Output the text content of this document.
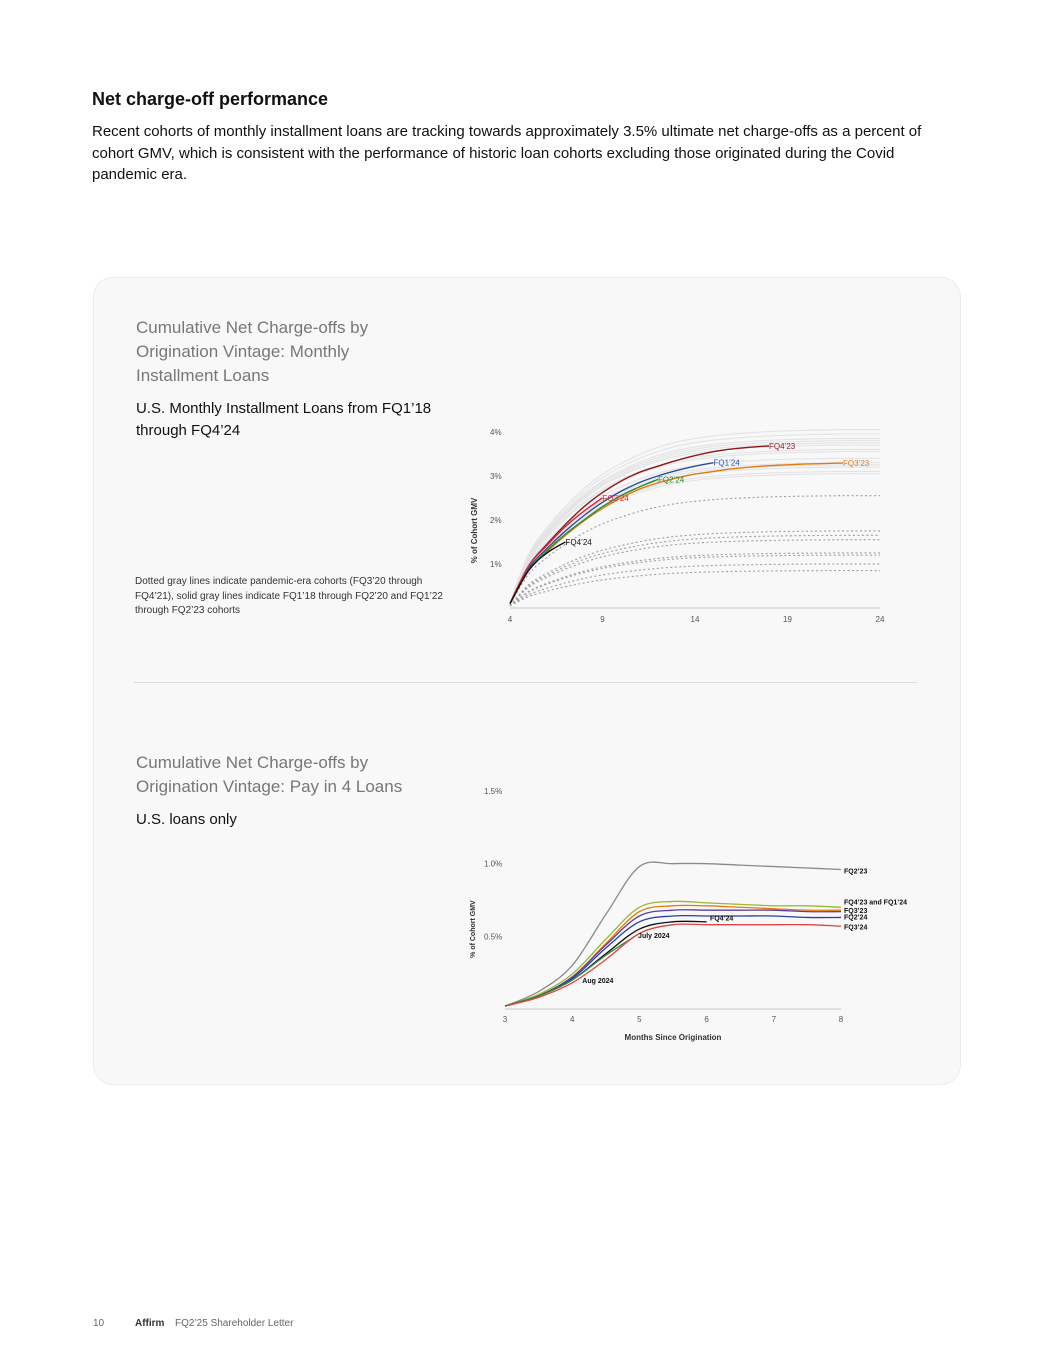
Net charge-off performance

Recent cohorts of monthly installment loans are tracking towards approximately 3.5% ultimate net charge-offs as a percent of cohort GMV, which is consistent with the performance of historic loan cohorts excluding those originated during the Covid pandemic era.

Cumulative Net Charge-offs by Origination Vintage: Monthly Installment Loans

U.S. Monthly Installment Loans from FQ1’18 through FQ4’24

Dotted gray lines indicate pandemic-era cohorts (FQ3’20 through FQ4’21), solid gray lines indicate FQ1’18 through FQ2’20 and FQ1’22 through FQ2’23 cohorts

FQ4’23
FQ1’24	FQ3’23
FQ2’24
FQ3’24
FQ4’24
1%
2%
3%
4%
4	9	14	19	24
% of Cohort GMV

Cumulative Net Charge-offs by Origination Vintage: Pay in 4 Loans

U.S. loans only

FQ2’23
FQ4’23 and FQ1’24
FQ3’23
FQ2’24
FQ3’24
FQ4’24
July 2024
Aug 2024
0.5%
1.0%
1.5%
3	4	5	6	7	8
Months Since Origination
% of Cohort GMV
10	Affirm FQ2’25 Shareholder Letter
